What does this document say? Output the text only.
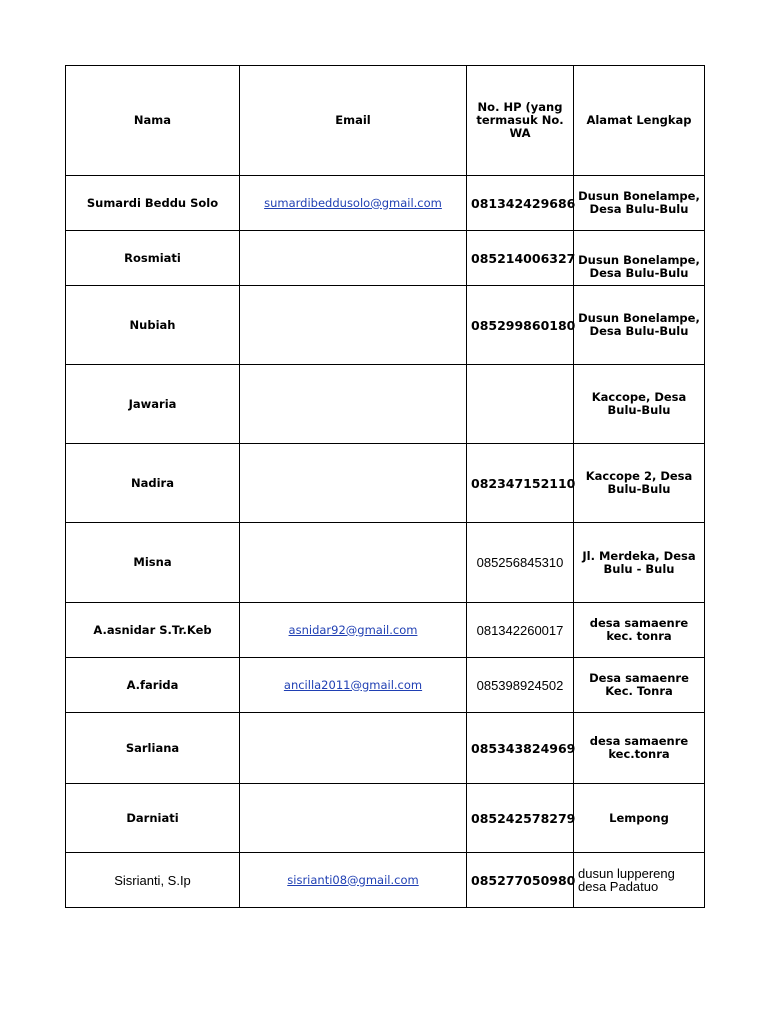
Nama	Email	No. HP (yang termasuk No. WA	Alamat Lengkap
Sumardi Beddu Solo	sumardibeddusolo@gmail.com	081342429686	Dusun Bonelampe, Desa Bulu-Bulu
Rosmiati		085214006327	Dusun Bonelampe, Desa Bulu-Bulu
Nubiah		085299860180	Dusun Bonelampe, Desa Bulu-Bulu
Jawaria			Kaccope, Desa Bulu-Bulu
Nadira		082347152110	Kaccope 2, Desa Bulu-Bulu
Misna		085256845310	Jl. Merdeka, Desa Bulu - Bulu
A.asnidar S.Tr.Keb	asnidar92@gmail.com	081342260017	desa samaenre kec. tonra
A.farida	ancilla2011@gmail.com	085398924502	Desa samaenre Kec. Tonra
Sarliana		085343824969	desa samaenre kec.tonra
Darniati		085242578279	Lempong
Sisrianti, S.Ip	sisrianti08@gmail.com	085277050980	dusun luppereng desa Padatuo
